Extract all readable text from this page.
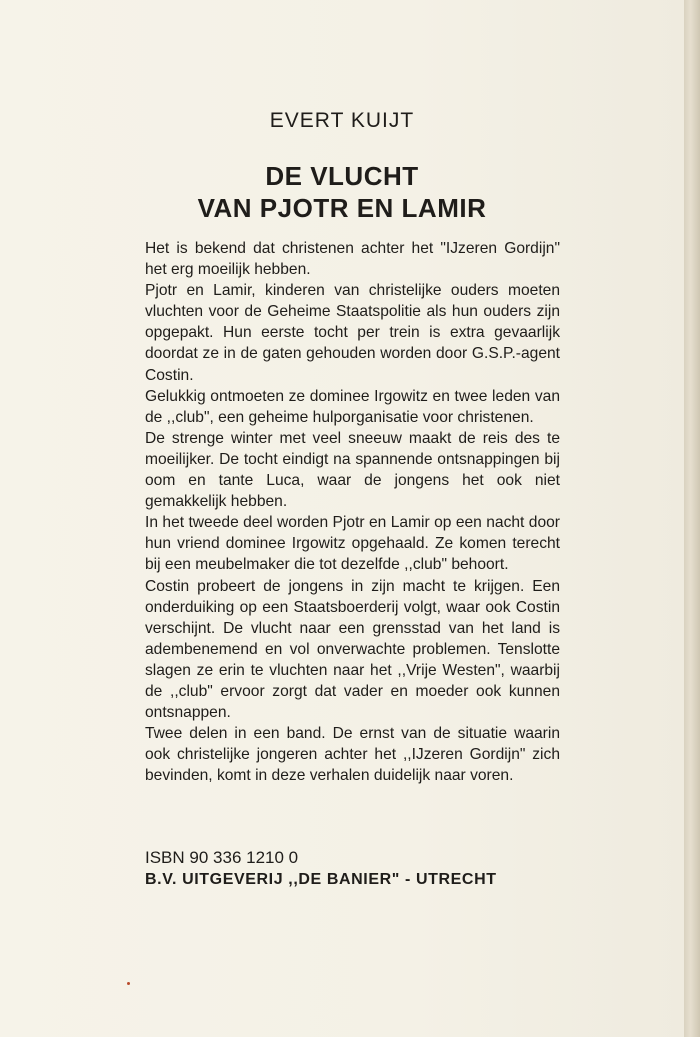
EVERT KUIJT
DE VLUCHT
VAN PJOTR EN LAMIR

Het is bekend dat christenen achter het "IJzeren Gordijn" het erg moeilijk hebben.

Pjotr en Lamir, kinderen van christelijke ouders moeten vluchten voor de Geheime Staatspolitie als hun ouders zijn opgepakt. Hun eerste tocht per trein is extra gevaarlijk doordat ze in de gaten gehouden worden door G.S.P.-agent Costin.

Gelukkig ontmoeten ze dominee Irgowitz en twee leden van de ,,club", een geheime hulporganisatie voor christenen.

De strenge winter met veel sneeuw maakt de reis des te moeilijker. De tocht eindigt na spannende ontsnappingen bij oom en tante Luca, waar de jongens het ook niet gemakkelijk hebben.

In het tweede deel worden Pjotr en Lamir op een nacht door hun vriend dominee Irgowitz opgehaald. Ze komen terecht bij een meubelmaker die tot dezelfde ,,club" behoort.

Costin probeert de jongens in zijn macht te krijgen. Een onderduiking op een Staatsboerderij volgt, waar ook Costin verschijnt. De vlucht naar een grensstad van het land is adembenemend en vol onverwachte problemen. Tenslotte slagen ze erin te vluchten naar het ,,Vrije Westen", waarbij de ,,club" ervoor zorgt dat vader en moeder ook kunnen ontsnappen.

Twee delen in een band. De ernst van de situatie waarin ook christelijke jongeren achter het ,,IJzeren Gordijn" zich bevinden, komt in deze verhalen duidelijk naar voren.

ISBN 90 336 1210 0
B.V. UITGEVERIJ ,,DE BANIER" - UTRECHT
